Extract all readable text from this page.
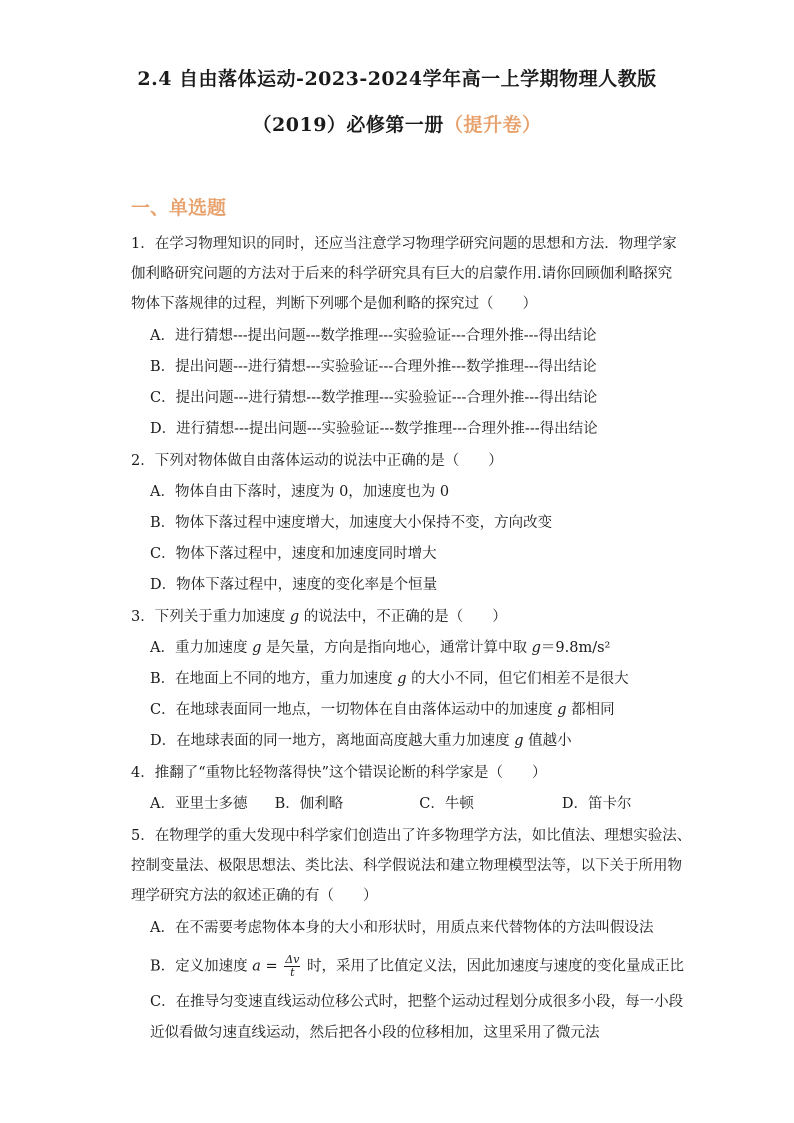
2.4 自由落体运动-2023-2024学年高一上学期物理人教版
（2019）必修第一册（提升卷）
一、单选题
1．在学习物理知识的同时，还应当注意学习物理学研究问题的思想和方法．物理学家
伽利略研究问题的方法对于后来的科学研究具有巨大的启蒙作用.请你回顾伽利略探究
物体下落规律的过程，判断下列哪个是伽利略的探究过（　　）
A．进行猜想---提出问题---数学推理---实验验证---合理外推---得出结论
B．提出问题---进行猜想---实验验证---合理外推---数学推理---得出结论
C．提出问题---进行猜想---数学推理---实验验证---合理外推---得出结论
D．进行猜想---提出问题---实验验证---数学推理---合理外推---得出结论
2．下列对物体做自由落体运动的说法中正确的是（　　）
A．物体自由下落时，速度为 0，加速度也为 0
B．物体下落过程中速度增大，加速度大小保持不变，方向改变
C．物体下落过程中，速度和加速度同时增大
D．物体下落过程中，速度的变化率是个恒量
3．下列关于重力加速度 g 的说法中，不正确的是（　　）
A．重力加速度 g 是矢量，方向是指向地心，通常计算中取 g＝9.8m/s²
B．在地面上不同的地方，重力加速度 g 的大小不同，但它们相差不是很大
C．在地球表面同一地点，一切物体在自由落体运动中的加速度 g 都相同
D．在地球表面的同一地方，离地面高度越大重力加速度 g 值越小
4．推翻了“重物比轻物落得快”这个错误论断的科学家是（　　）
A．亚里士多德 B．伽利略	C．牛顿	D．笛卡尔
5．在物理学的重大发现中科学家们创造出了许多物理学方法，如比值法、理想实验法、
控制变量法、极限思想法、类比法、科学假说法和建立物理模型法等，以下关于所用物
理学研究方法的叙述正确的有（　　）
A．在不需要考虑物体本身的大小和形状时，用质点来代替物体的方法叫假设法
B．定义加速度 $a = \frac{\Delta v}{t}$ 时，采用了比值定义法，因此加速度与速度的变化量成正比
C．在推导匀变速直线运动位移公式时，把整个运动过程划分成很多小段，每一小段
近似看做匀速直线运动，然后把各小段的位移相加，这里采用了微元法
